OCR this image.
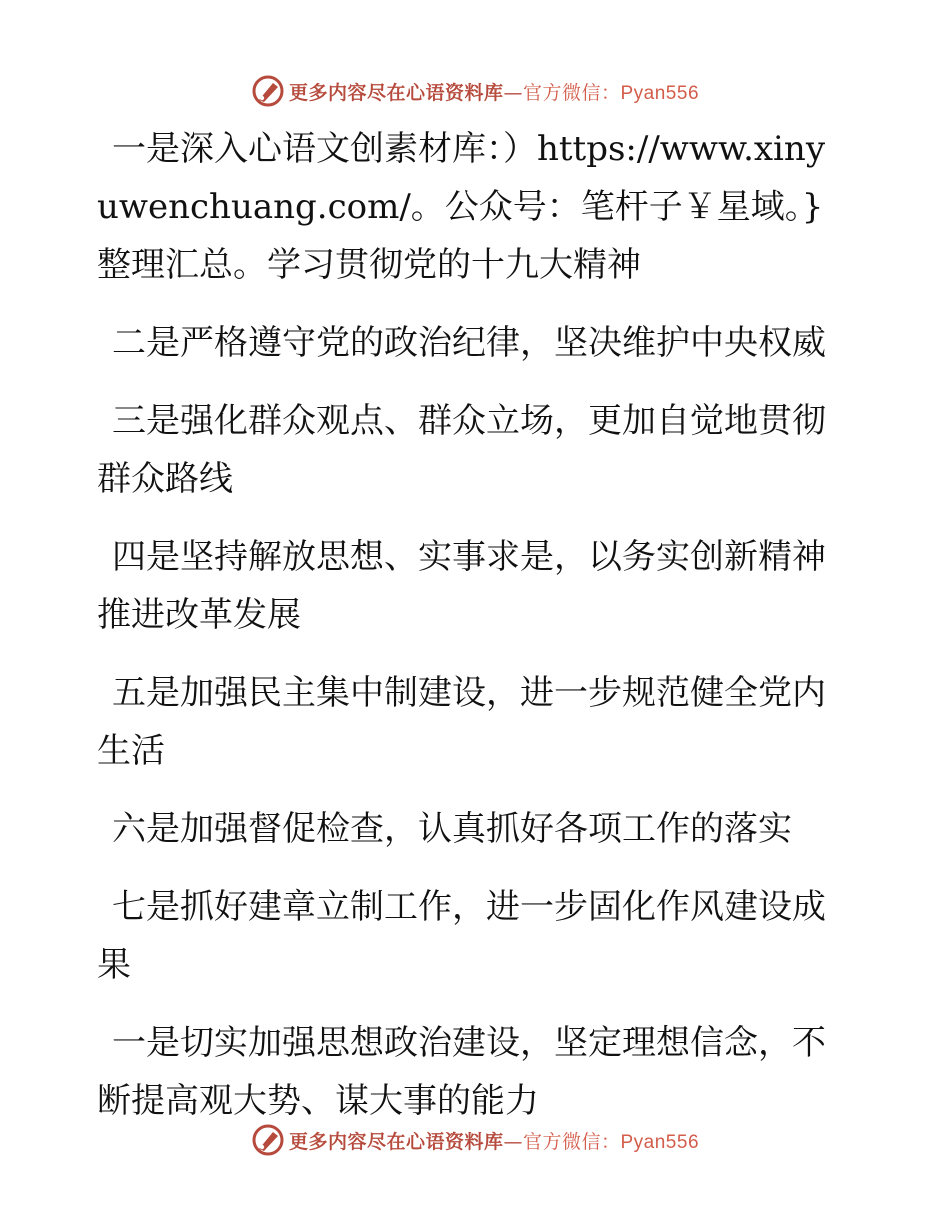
更多内容尽在心语资料库—官方微信：Pyan556

一是深入心语文创素材库：）https://www.xinyuwenchuang.com/。公众号：笔杆子￥星域。}整理汇总。学习贯彻党的十九大精神

二是严格遵守党的政治纪律，坚决维护中央权威

三是强化群众观点、群众立场，更加自觉地贯彻群众路线

四是坚持解放思想、实事求是，以务实创新精神推进改革发展

五是加强民主集中制建设，进一步规范健全党内生活

六是加强督促检查，认真抓好各项工作的落实

七是抓好建章立制工作，进一步固化作风建设成果

一是切实加强思想政治建设，坚定理想信念，不断提高观大势、谋大事的能力

更多内容尽在心语资料库—官方微信：Pyan556
